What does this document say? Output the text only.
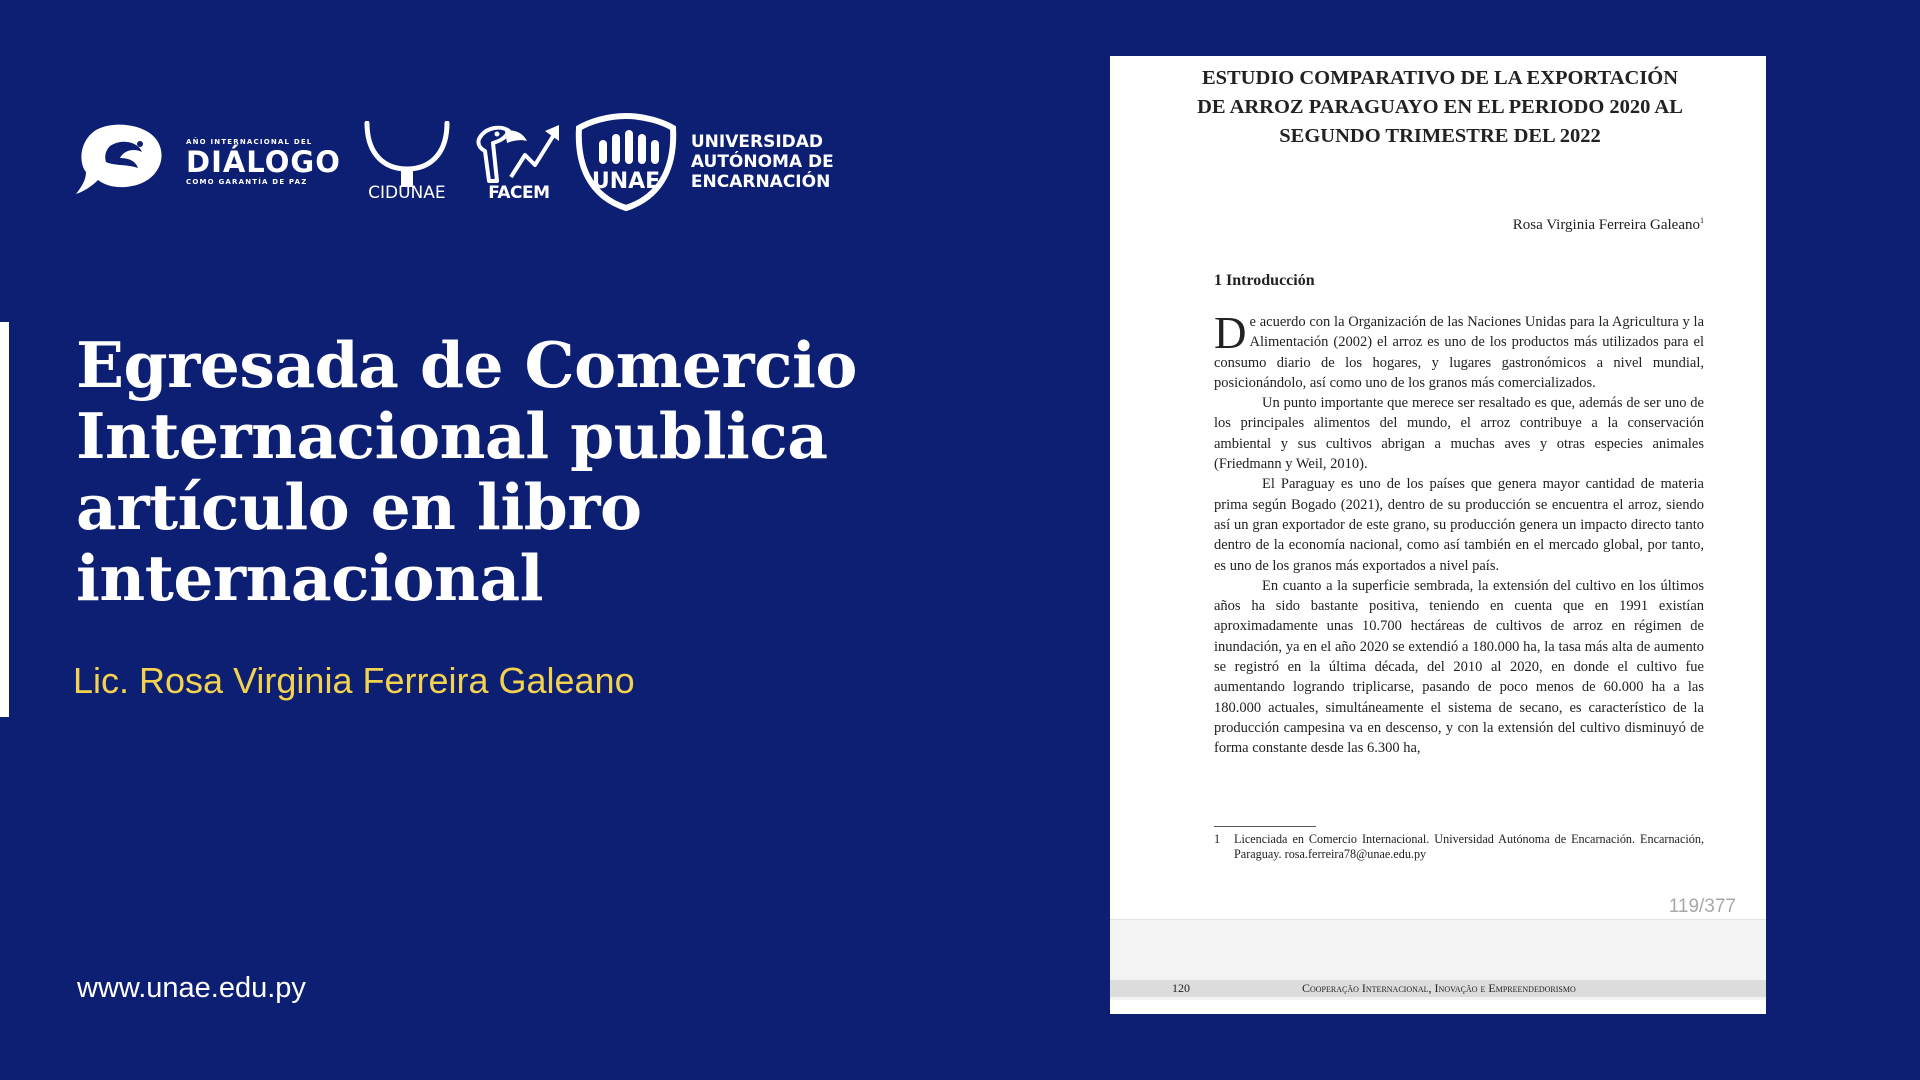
AÑO INTERNACIONAL DEL
DIÁLOGO
COMO GARANTÍA DE PAZ
CIDUNAE	FACEM UNAE
UNIVERSIDAD
AUTÓNOMA DE
ENCARNACIÓN
Egresada de Comercio Internacional publica artículo en libro internacional
Lic. Rosa Virginia Ferreira Galeano
www.unae.edu.py
ESTUDIO COMPARATIVO DE LA EXPORTACIÓN DE ARROZ PARAGUAYO EN EL PERIODO 2020 AL SEGUNDO TRIMESTRE DEL 2022

Rosa Virginia Ferreira Galeano$^1$

1 Introducción

De acuerdo con la Organización de las Naciones Unidas para la Agricultura y la Alimentación (2002) el arroz es uno de los productos más utilizados para el consumo diario de los hogares, y lugares gastronómicos a nivel mundial, posicionándolo, así como uno de los granos más comercializados.

Un punto importante que merece ser resaltado es que, además de ser uno de los principales alimentos del mundo, el arroz contribuye a la conservación ambiental y sus cultivos abrigan a muchas aves y otras especies animales (Friedmann y Weil, 2010).

El Paraguay es uno de los países que genera mayor cantidad de materia prima según Bogado (2021), dentro de su producción se encuentra el arroz, siendo así un gran exportador de este grano, su producción genera un impacto directo tanto dentro de la economía nacional, como así también en el mercado global, por tanto, es uno de los granos más exportados a nivel país.

En cuanto a la superficie sembrada, la extensión del cultivo en los últimos años ha sido bastante positiva, teniendo en cuenta que en 1991 existían aproximadamente unas 10.700 hectáreas de cultivos de arroz en régimen de inundación, ya en el año 2020 se extendió a 180.000 ha, la tasa más alta de aumento se registró en la última década, del 2010 al 2020, en donde el cultivo fue aumentando logrando triplicarse, pasando de poco menos de 60.000 ha a las 180.000 actuales, simultáneamente el sistema de secano, es característico de la producción campesina va en descenso, y con la extensión del cultivo disminuyó de forma constante desde las 6.300 ha,

1	Licenciada en Comercio Internacional. Universidad Autónoma de Encarnación. Encarnación, Paraguay. rosa.ferreira78@unae.edu.py
119/377
120	Cooperação Internacional, Inovação e Empreendedorismo
